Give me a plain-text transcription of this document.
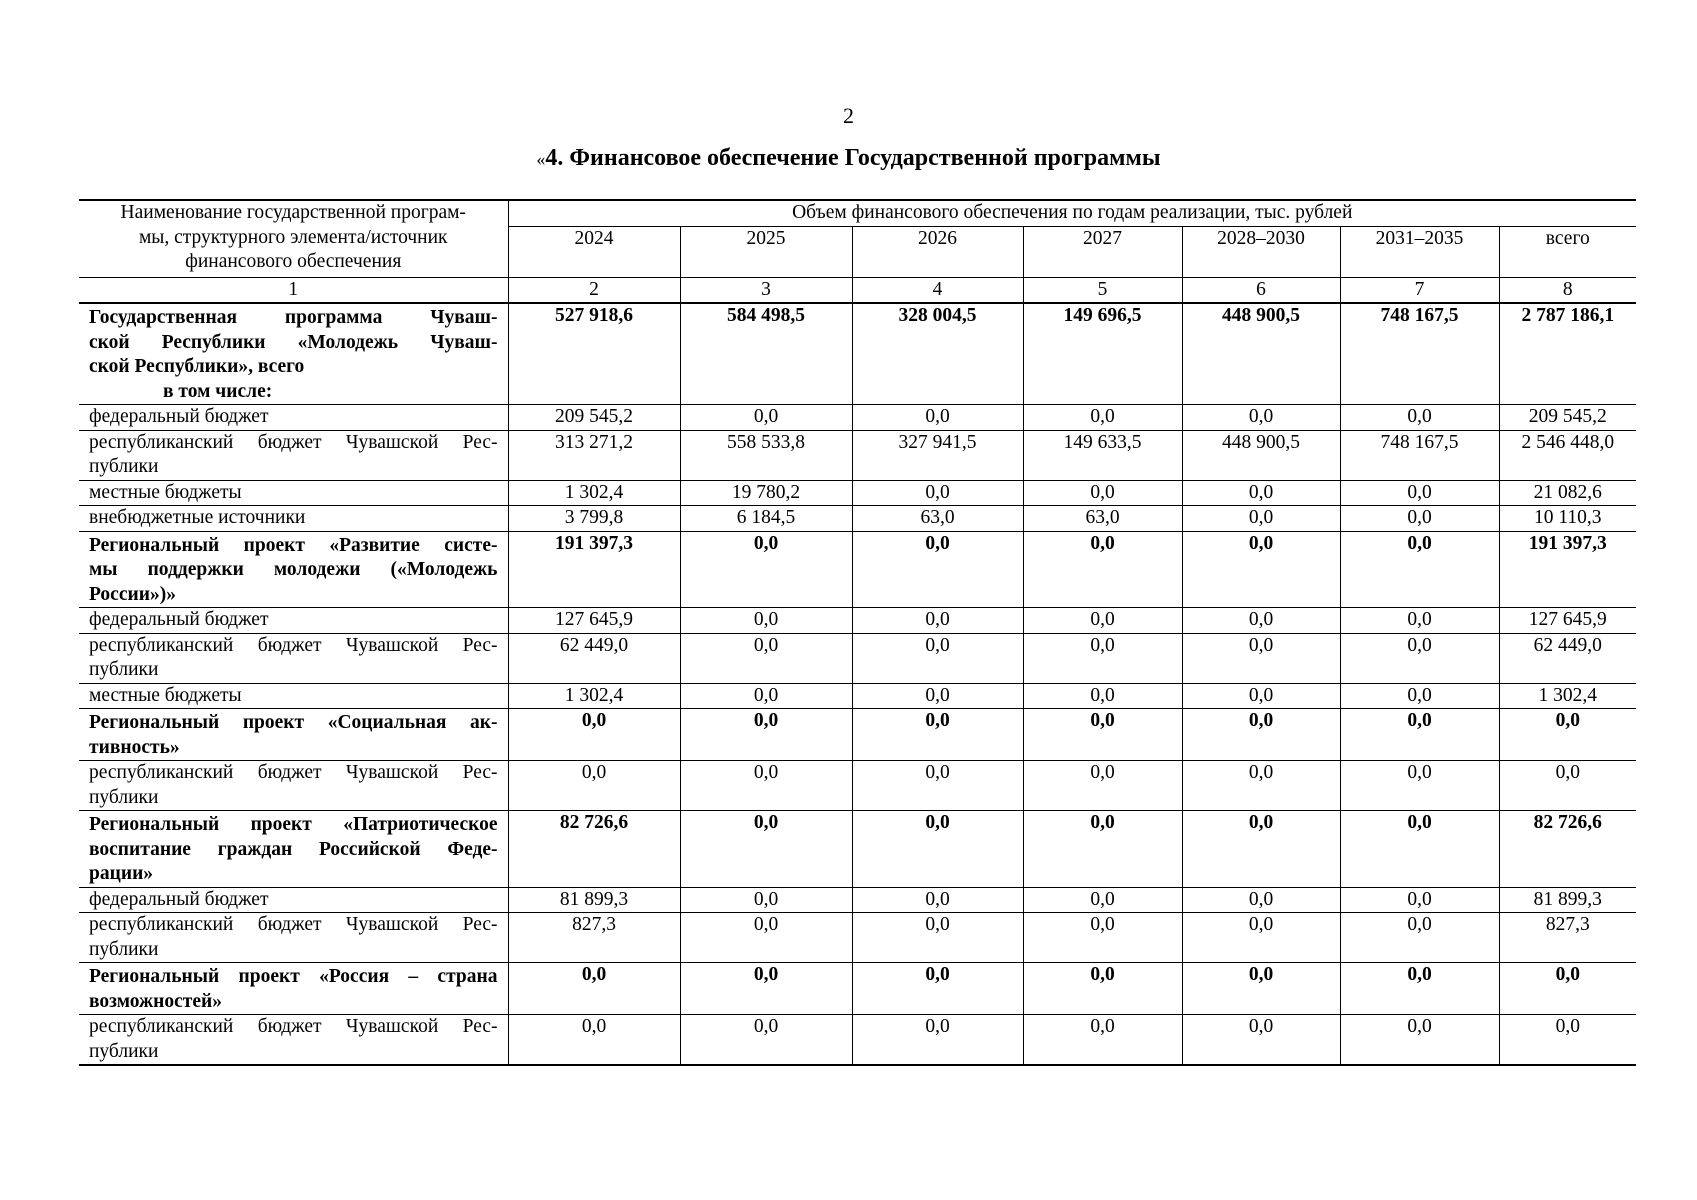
2
«4. Финансовое обеспечение Государственной программы
Наименование государственной програм-
мы, структурного элемента/источник
финансового обеспечения	Объем финансового обеспечения по годам реализации, тыс. рублей						
	2024	2025	2026	2027	2028–2030	2031–2035	всего
1	2	3	4	5	6	7	8

Государственная программа Чуваш-
ской Республики «Молодежь Чуваш-
ской Республики», всего
в том числе:	527 918,6	584 498,5	328 004,5	149 696,5	448 900,5	748 167,5	2 787 186,1

федеральный бюджет	209 545,2	0,0	0,0	0,0	0,0	0,0	209 545,2

республиканский бюджет Чувашской Рес-
публики	313 271,2	558 533,8	327 941,5	149 633,5	448 900,5	748 167,5	2 546 448,0

местные бюджеты	1 302,4	19 780,2	0,0	0,0	0,0	0,0	21 082,6

внебюджетные источники	3 799,8	6 184,5	63,0	63,0	0,0	0,0	10 110,3

Региональный проект «Развитие систе-
мы поддержки молодежи («Молодежь
России»)»	191 397,3	0,0	0,0	0,0	0,0	0,0	191 397,3

федеральный бюджет	127 645,9	0,0	0,0	0,0	0,0	0,0	127 645,9

республиканский бюджет Чувашской Рес-
публики	62 449,0	0,0	0,0	0,0	0,0	0,0	62 449,0

местные бюджеты	1 302,4	0,0	0,0	0,0	0,0	0,0	1 302,4

Региональный проект «Социальная ак-
тивность»	0,0	0,0	0,0	0,0	0,0	0,0	0,0

республиканский бюджет Чувашской Рес-
публики	0,0	0,0	0,0	0,0	0,0	0,0	0,0

Региональный проект «Патриотическое
воспитание граждан Российской Феде-
рации»	82 726,6	0,0	0,0	0,0	0,0	0,0	82 726,6

федеральный бюджет	81 899,3	0,0	0,0	0,0	0,0	0,0	81 899,3

республиканский бюджет Чувашской Рес-
публики	827,3	0,0	0,0	0,0	0,0	0,0	827,3

Региональный проект «Россия – страна
возможностей»	0,0	0,0	0,0	0,0	0,0	0,0	0,0

республиканский бюджет Чувашской Рес-
публики	0,0	0,0	0,0	0,0	0,0	0,0	0,0
